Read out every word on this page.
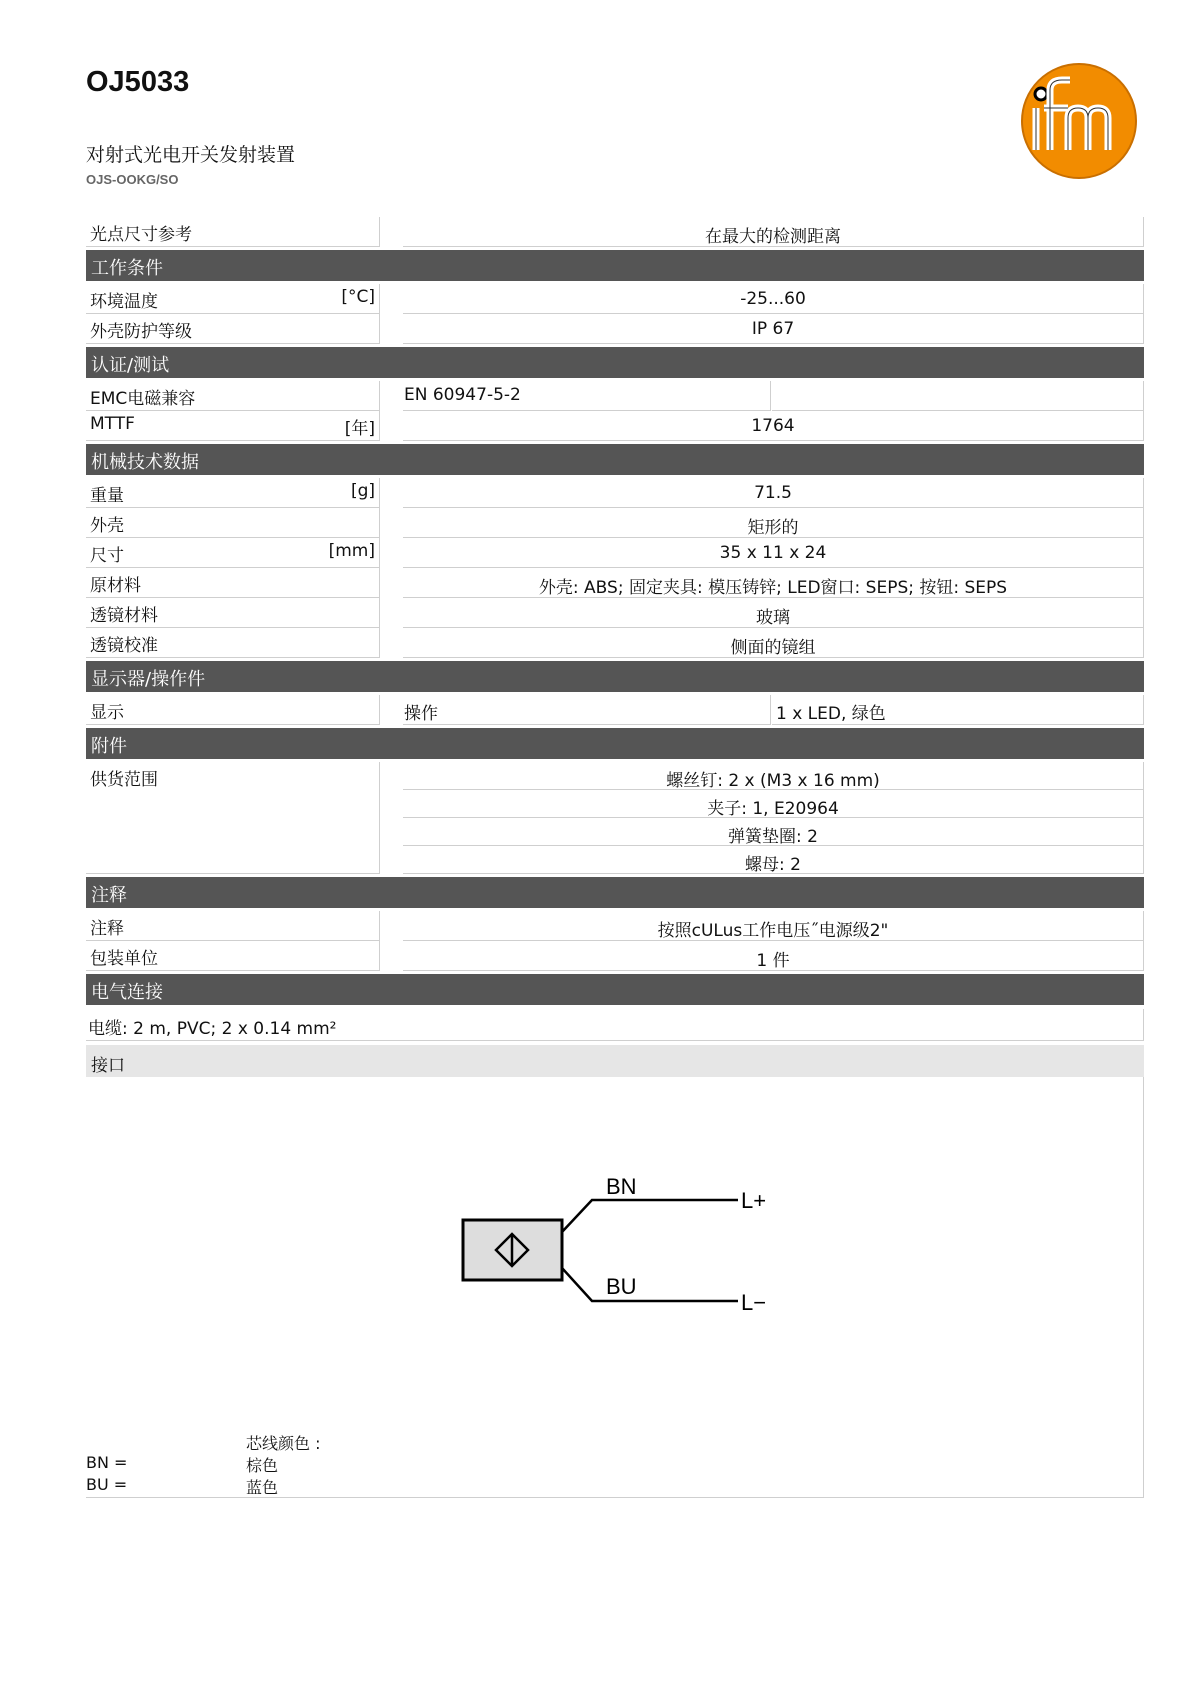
OJ5033
对射式光电开关发射装置
OJS-OOKG/SO
光点尺寸参考	在最大的检测距离
工作条件
环境温度	[°C]	-25...60
外壳防护等级	IP 67
认证/测试
EMC电磁兼容	EN 60947-5-2
MTTF	[年]	1764
机械技术数据
重量	[g]	71.5
外壳	矩形的
尺寸	[mm]	35 x 11 x 24
原材料	外壳: ABS; 固定夹具: 模压铸锌; LED窗口: SEPS; 按钮: SEPS
透镜材料	玻璃
透镜校准	侧面的镜组
显示器/操作件
显示	操作	1 x LED, 绿色
附件
供货范围	螺丝钉: 2 x (M3 x 16 mm)
夹子: 1, E20964
弹簧垫圈: 2
螺母: 2
注释
注释	按照cULus工作电压˝电源级2"
包装单位	1 件
电气连接
电缆: 2 m, PVC; 2 x 0.14 mm²
接口
BN
BU
L+
L−
芯线颜色 :
BN =	棕色
BU =	蓝色
